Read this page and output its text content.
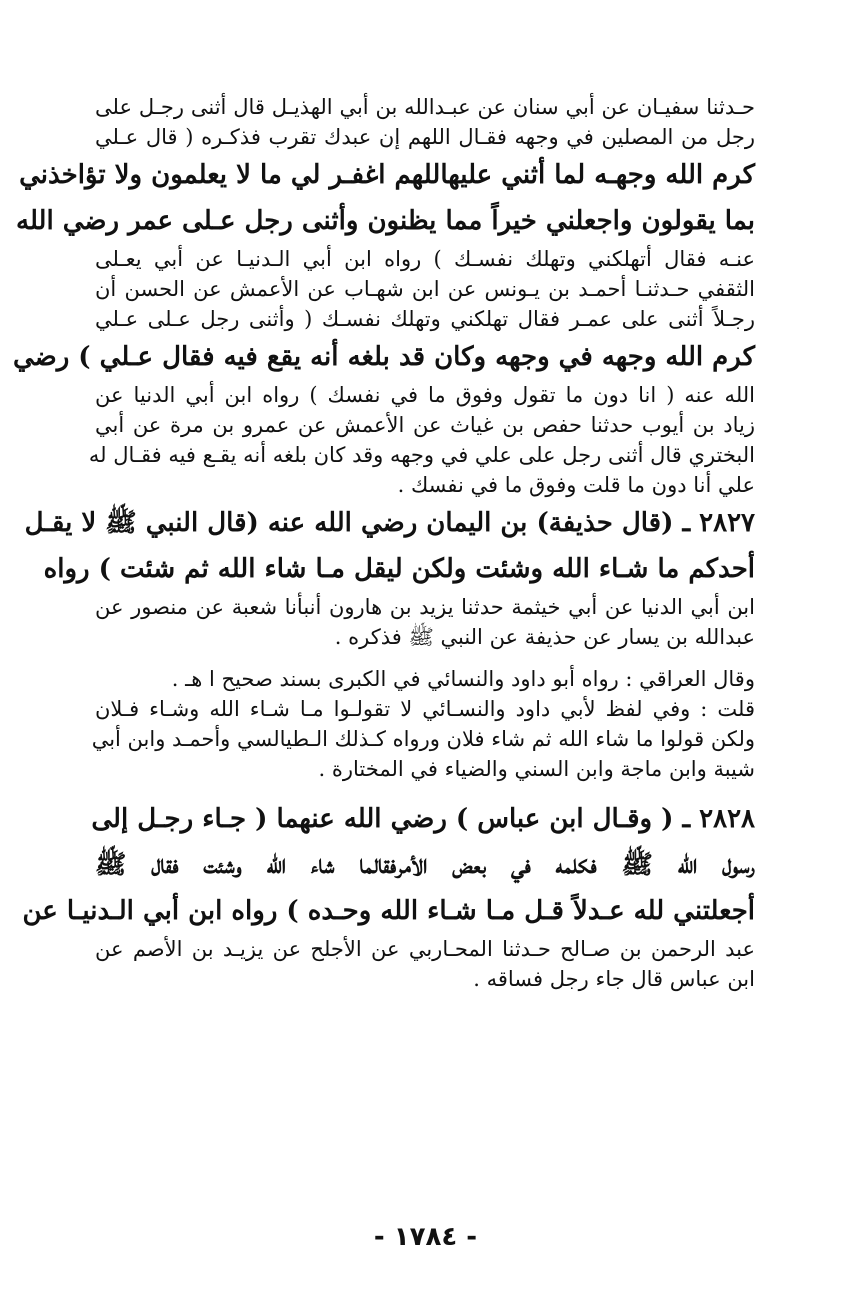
حـدثنا سفيـان عن أبي سنان عن عبـدالله بن أبي الهذيـل قال أثنى رجـل على
رجل من المصلين في وجهه فقـال اللهم إن عبدك تقرب فذكـره ( قال عـلي
كرم الله وجهـه لما أثني عليهاللهم اغفـر لي ما لا يعلمون ولا تؤاخذني
بما يقولون واجعلني خيراً مما يظنون وأثنى رجل عـلى عمر رضي الله
عنـه فقال أتهلكني وتهلك نفسـك ) رواه ابن أبي الـدنيـا عن أبي يعـلى
الثقفي حـدثنـا أحمـد بن يـونس عن ابن شهـاب عن الأعمش عن الحسن أن
رجـلاً أثنى على عمـر فقال تهلكني وتهلك نفسـك ( وأثنى رجل عـلى عـلي
كرم الله وجهه في وجهه وكان قد بلغه أنه يقع فيه فقال عـلي ) رضي
الله عنه ( انا دون ما تقول وفوق ما في نفسك ) رواه ابن أبي الدنيا عن
زياد بن أيوب حدثنا حفص بن غياث عن الأعمش عن عمرو بن مرة عن أبي
البختري قال أثنى رجل على علي في وجهه وقد كان بلغه أنه يقـع فيه فقـال له
علي أنا دون ما قلت وفوق ما في نفسك .
٢٨٢٧ ـ (قال حذيفة) بن اليمان رضي الله عنه (قال النبي ﷺ لا يقـل
أحدكم ما شـاء الله وشئت ولكن ليقل مـا شاء الله ثم شئت ) رواه
ابن أبي الدنيا عن أبي خيثمة حدثنا يزيد بن هارون أنبأنا شعبة عن منصور عن
عبدالله بن يسار عن حذيفة عن النبي ﷺ فذكره .
وقال العراقي : رواه أبو داود والنسائي في الكبرى بسند صحيح ا هـ .
قلت : وفي لفظ لأبي داود والنسـائي لا تقولـوا مـا شـاء الله وشـاء فـلان
ولكن قولوا ما شاء الله ثم شاء فلان ورواه كـذلك الـطيالسي وأحمـد وابن أبي
شيبة وابن ماجة وابن السني والضياء في المختارة .
٢٨٢٨ ـ ( وقـال ابن عباس ) رضي الله عنهما ( جـاء رجـل إلى
رسول الله ﷺ فكلمه في بعض الأمرفقالما شاء الله وشئت فقال ﷺ
أجعلتني لله عـدلاً قـل مـا شـاء الله وحـده ) رواه ابن أبي الـدنيـا عن
عبد الرحمن بن صـالح حـدثنا المحـاربي عن الأجلح عن يزيـد بن الأصم عن
ابن عباس قال جاء رجل فساقه .
- ١٧٨٤ -
